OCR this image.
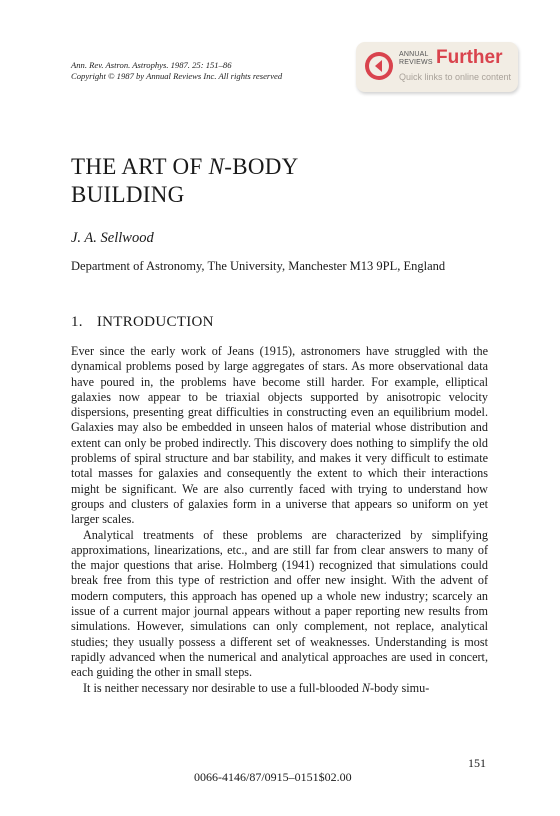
Ann. Rev. Astron. Astrophys. 1987. 25: 151–86
Copyright © 1987 by Annual Reviews Inc. All rights reserved
ANNUAL
REVIEWS Further
Quick links to online content
THE ART OF N-BODY
BUILDING
J. A. Sellwood
Department of Astronomy, The University, Manchester M13 9PL, England
1. INTRODUCTION

Ever since the early work of Jeans (1915), astronomers have struggled with the dynamical problems posed by large aggregates of stars. As more observational data have poured in, the problems have become still harder. For example, elliptical galaxies now appear to be triaxial objects supported by anisotropic velocity dispersions, presenting great difficulties in constructing even an equilibrium model. Galaxies may also be embedded in unseen halos of material whose distribution and extent can only be probed indirectly. This discovery does nothing to simplify the old problems of spiral structure and bar stability, and makes it very difficult to estimate total masses for galaxies and consequently the extent to which their interactions might be significant. We are also currently faced with trying to understand how groups and clusters of galaxies form in a universe that appears so uniform on yet larger scales.

Analytical treatments of these problems are characterized by simplifying approximations, linearizations, etc., and are still far from clear answers to many of the major questions that arise. Holmberg (1941) recognized that simulations could break free from this type of restriction and offer new insight. With the advent of modern computers, this approach has opened up a whole new industry; scarcely an issue of a current major journal appears without a paper reporting new results from simulations. However, simulations can only complement, not replace, analytical studies; they usually possess a different set of weaknesses. Understanding is most rapidly advanced when the numerical and analytical approaches are used in concert, each guiding the other in small steps.

It is neither necessary nor desirable to use a full-blooded N-body simu-

151
0066-4146/87/0915–0151$02.00
